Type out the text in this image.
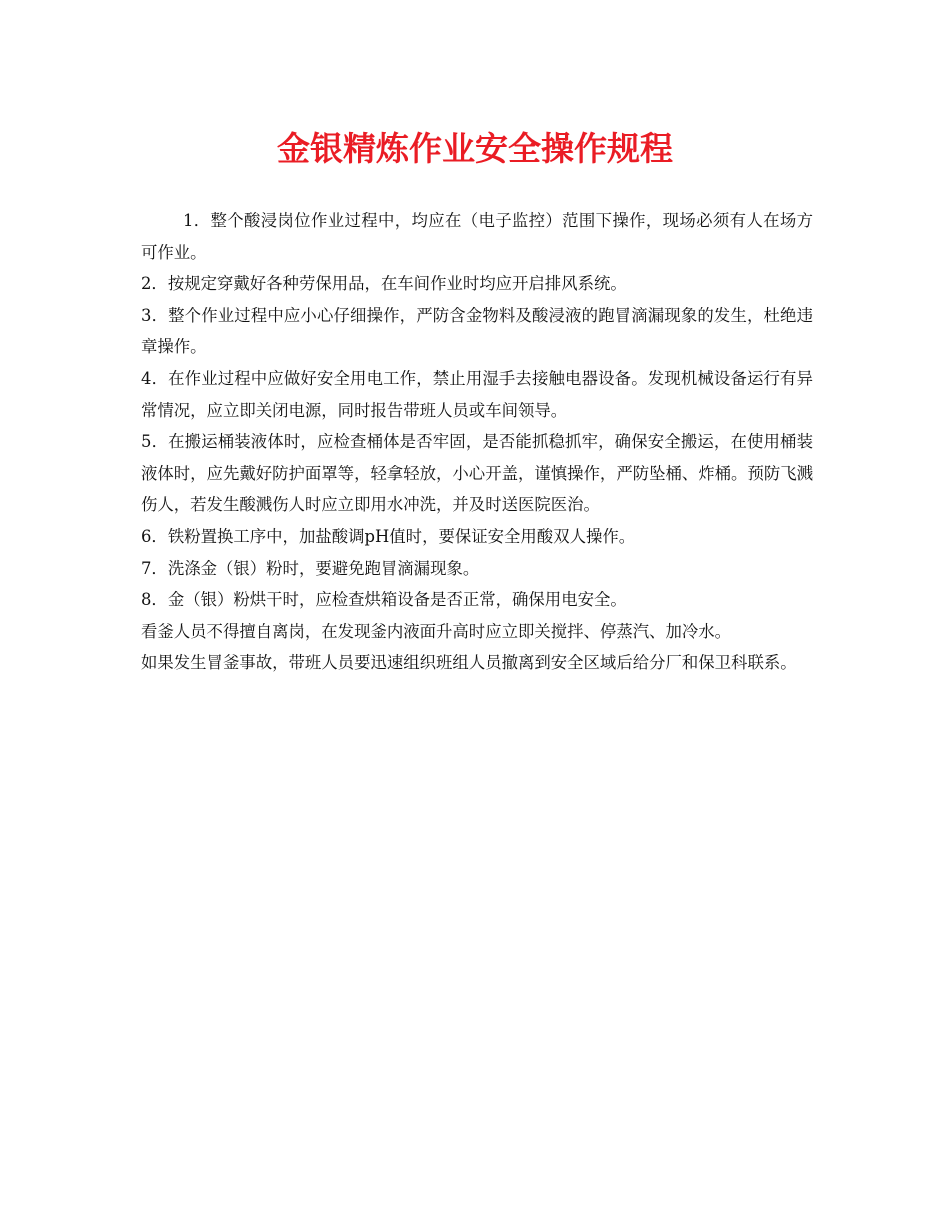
金银精炼作业安全操作规程

1．整个酸浸岗位作业过程中，均应在（电子监控）范围下操作，现场必须有人在场方可作业。

2．按规定穿戴好各种劳保用品，在车间作业时均应开启排风系统。

3．整个作业过程中应小心仔细操作，严防含金物料及酸浸液的跑冒滴漏现象的发生，杜绝违章操作。

4．在作业过程中应做好安全用电工作，禁止用湿手去接触电器设备。发现机械设备运行有异常情况，应立即关闭电源，同时报告带班人员或车间领导。

5．在搬运桶装液体时，应检查桶体是否牢固，是否能抓稳抓牢，确保安全搬运，在使用桶装液体时，应先戴好防护面罩等，轻拿轻放，小心开盖，谨慎操作，严防坠桶、炸桶。预防飞溅伤人，若发生酸溅伤人时应立即用水冲洗，并及时送医院医治。

6．铁粉置换工序中，加盐酸调pH值时，要保证安全用酸双人操作。

7．洗涤金（银）粉时，要避免跑冒滴漏现象。

8．金（银）粉烘干时，应检查烘箱设备是否正常，确保用电安全。

看釜人员不得擅自离岗，在发现釜内液面升高时应立即关搅拌、停蒸汽、加冷水。

如果发生冒釜事故，带班人员要迅速组织班组人员撤离到安全区域后给分厂和保卫科联系。
